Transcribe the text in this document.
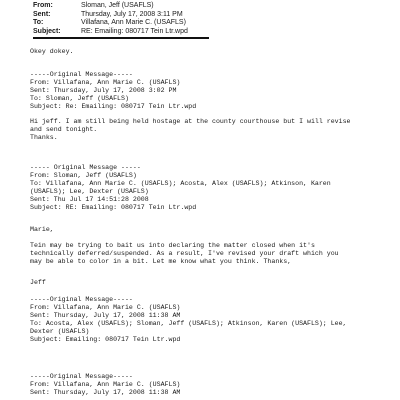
From:	Sloman, Jeff (USAFLS)
Sent:	Thursday, July 17, 2008 3:11 PM
To:	Villafana, Ann Marie C. (USAFLS)
Subject:	RE: Emailing: 080717 Tein Ltr.wpd
Okey dokey.
-----Original Message-----
From: Villafana, Ann Marie C. (USAFLS)
Sent: Thursday, July 17, 2008 3:02 PM
To: Sloman, Jeff (USAFLS)
Subject: Re: Emailing: 080717 Tein Ltr.wpd
Hi jeff. I am still being held hostage at the county courthouse but I will revise
and send tonight.
Thanks.
----- Original Message -----
From: Sloman, Jeff (USAFLS)
To: Villafana, Ann Marie C. (USAFLS); Acosta, Alex (USAFLS); Atkinson, Karen
(USAFLS); Lee, Dexter (USAFLS)
Sent: Thu Jul 17 14:51:28 2008
Subject: RE: Emailing: 080717 Tein Ltr.wpd
Marie,
Tein may be trying to bait us into declaring the matter closed when it's
technically deferred/suspended. As a result, I've revised your draft which you
may be able to color in a bit. Let me know what you think. Thanks,
Jeff
-----Original Message-----
From: Villafana, Ann Marie C. (USAFLS)
Sent: Thursday, July 17, 2008 11:38 AM
To: Acosta, Alex (USAFLS); Sloman, Jeff (USAFLS); Atkinson, Karen (USAFLS); Lee,
Dexter (USAFLS)
Subject: Emailing: 080717 Tein Ltr.wpd
-----Original Message-----
From: Villafana, Ann Marie C. (USAFLS)
Sent: Thursday, July 17, 2008 11:38 AM
